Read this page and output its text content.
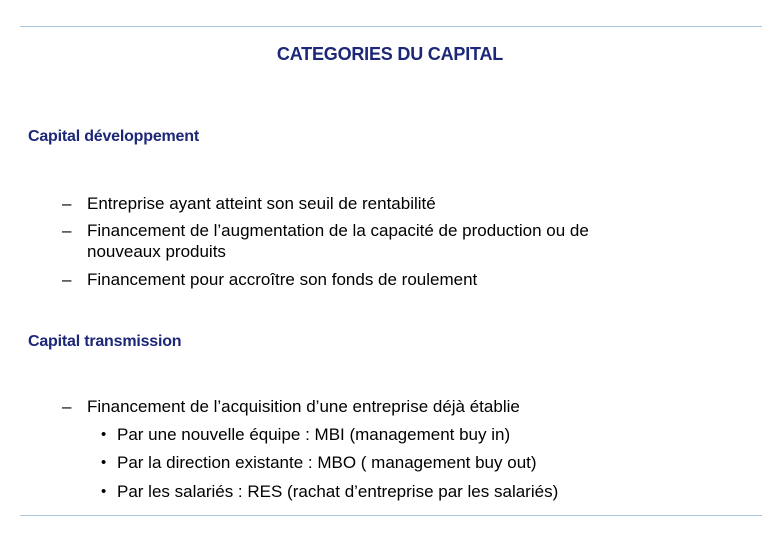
CATEGORIES DU CAPITAL
Capital développement
– Entreprise ayant atteint son seuil de rentabilité
– Financement de l’augmentation de la capacité de production ou de
nouveaux produits
– Financement pour accroître son fonds de roulement
Capital transmission
– Financement de l’acquisition d’une entreprise déjà établie
• Par une nouvelle équipe : MBI (management buy in)
• Par la direction existante : MBO ( management buy out)
• Par les salariés : RES (rachat d’entreprise par les salariés)
